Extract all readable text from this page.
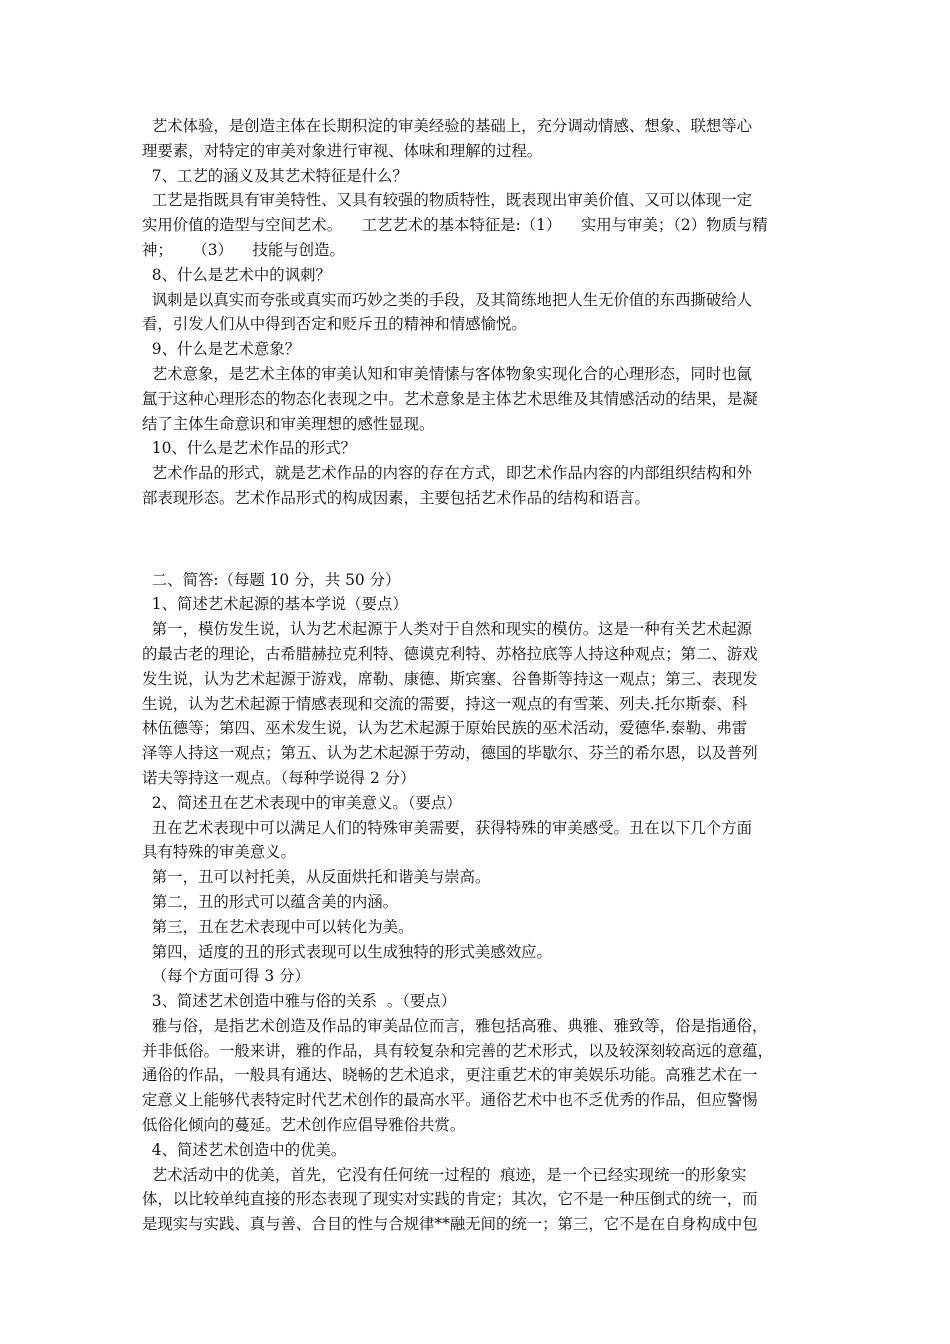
艺术体验，是创造主体在长期积淀的审美经验的基础上，充分调动情感、想象、联想等心

理要素，对特定的审美对象进行审视、体味和理解的过程。

7、工艺的涵义及其艺术特征是什么？

工艺是指既具有审美特性、又具有较强的物质特性，既表现出审美价值、又可以体现一定

实用价值的造型与空间艺术。    工艺艺术的基本特征是:（1）    实用与审美；（2）物质与精

神；    （3）    技能与创造。

8、什么是艺术中的讽刺？

讽刺是以真实而夸张或真实而巧妙之类的手段，及其简练地把人生无价值的东西撕破给人

看，引发人们从中得到否定和贬斥丑的精神和情感愉悦。

9、什么是艺术意象？

艺术意象，是艺术主体的审美认知和审美情愫与客体物象实现化合的心理形态，同时也氤

氲于这种心理形态的物态化表现之中。艺术意象是主体艺术思维及其情感活动的结果，是凝

结了主体生命意识和审美理想的感性显现。

10、什么是艺术作品的形式？

艺术作品的形式，就是艺术作品的内容的存在方式，即艺术作品内容的内部组织结构和外

部表现形态。艺术作品形式的构成因素，主要包括艺术作品的结构和语言。

二、简答:（每题 10 分，共 50 分）

1、简述艺术起源的基本学说（要点）

第一，模仿发生说，认为艺术起源于人类对于自然和现实的模仿。这是一种有关艺术起源

的最古老的理论，古希腊赫拉克利特、德谟克利特、苏格拉底等人持这种观点；第二、游戏

发生说，认为艺术起源于游戏，席勒、康德、斯宾塞、谷鲁斯等持这一观点；第三、表现发

生说，认为艺术起源于情感表现和交流的需要，持这一观点的有雪莱、列夫.托尔斯泰、科

林伍德等；第四、巫术发生说，认为艺术起源于原始民族的巫术活动，爱德华.泰勒、弗雷

泽等人持这一观点；第五、认为艺术起源于劳动，德国的毕歇尔、芬兰的希尔恩，以及普列

诺夫等持这一观点。（每种学说得 2 分）

2、简述丑在艺术表现中的审美意义。（要点）

丑在艺术表现中可以满足人们的特殊审美需要，获得特殊的审美感受。丑在以下几个方面

具有特殊的审美意义。

第一，丑可以衬托美，从反面烘托和谐美与崇高。

第二，丑的形式可以蕴含美的内涵。

第三，丑在艺术表现中可以转化为美。

第四，适度的丑的形式表现可以生成独特的形式美感效应。

（每个方面可得 3 分）

3、简述艺术创造中雅与俗的关系  。（要点）

雅与俗，是指艺术创造及作品的审美品位而言，雅包括高雅、典雅、雅致等，俗是指通俗，

并非低俗。一般来讲，雅的作品，具有较复杂和完善的艺术形式，以及较深刻较高远的意蕴，

通俗的作品，一般具有通达、晓畅的艺术追求，更注重艺术的审美娱乐功能。高雅艺术在一

定意义上能够代表特定时代艺术创作的最高水平。通俗艺术中也不乏优秀的作品，但应警惕

低俗化倾向的蔓延。艺术创作应倡导雅俗共赏。

4、简述艺术创造中的优美。

艺术活动中的优美，首先，它没有任何统一过程的  痕迹，是一个已经实现统一的形象实

体，以比较单纯直接的形态表现了现实对实践的肯定；其次，它不是一种压倒式的统一，而

是现实与实践、真与善、合目的性与合规律**融无间的统一；第三，它不是在自身构成中包
